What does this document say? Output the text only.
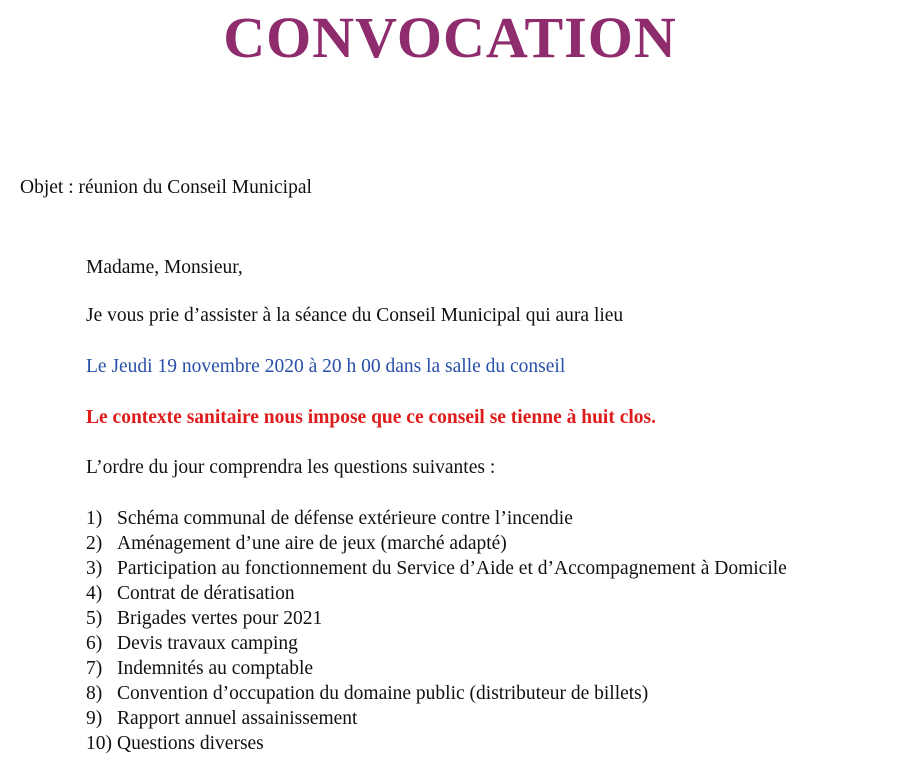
CONVOCATION
Objet : réunion du Conseil Municipal
Madame, Monsieur,
Je vous prie d’assister à la séance du Conseil Municipal qui aura lieu
Le Jeudi 19 novembre 2020 à 20 h 00 dans la salle du conseil
Le contexte sanitaire nous impose que ce conseil se tienne à huit clos.
L’ordre du jour comprendra les questions suivantes :
1) Schéma communal de défense extérieure contre l’incendie
2) Aménagement d’une aire de jeux (marché adapté)
3) Participation au fonctionnement du Service d’Aide et d’Accompagnement à Domicile
4) Contrat de dératisation
5) Brigades vertes pour 2021
6) Devis travaux camping
7) Indemnités au comptable
8) Convention d’occupation du domaine public (distributeur de billets)
9) Rapport annuel assainissement
10) Questions diverses
